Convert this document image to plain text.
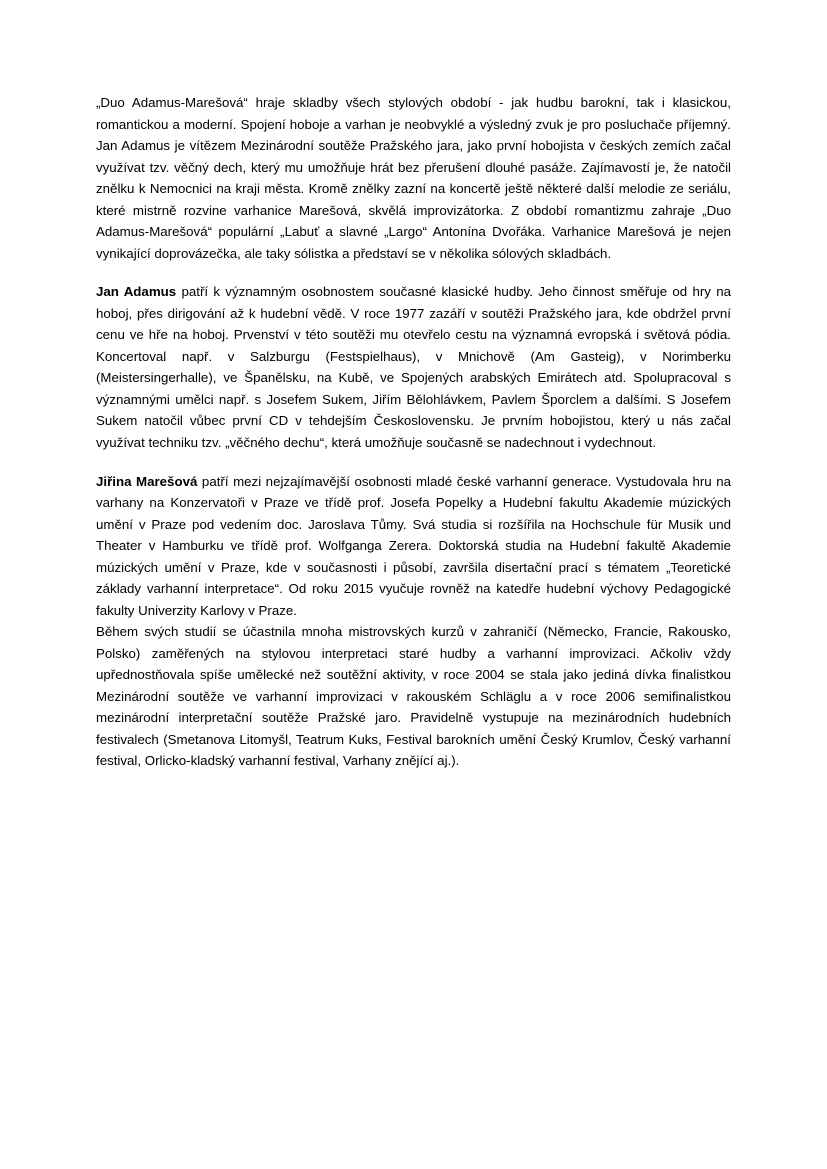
„Duo Adamus-Marešová“ hraje skladby všech stylových období - jak hudbu barokní, tak i klasickou, romantickou a moderní. Spojení hoboje a varhan je neobvyklé a výsledný zvuk je pro posluchače příjemný. Jan Adamus je vítězem Mezinárodní soutěže Pražského jara, jako první hobojista v českých zemích začal využívat tzv. věčný dech, který mu umožňuje hrát bez přerušení dlouhé pasáže. Zajímavostí je, že natočil znělku k Nemocnici na kraji města. Kromě znělky zazní na koncertě ještě některé další melodie ze seriálu, které mistrně rozvine varhanice Marešová, skvělá improvizátorka. Z období romantizmu zahraje „Duo Adamus-Marešová“ populární „Labuť a slavné „Largo“ Antonína Dvořáka. Varhanice Marešová je nejen vynikající doprovázečka, ale taky sólistka a představí se v několika sólových skladbách.

Jan Adamus patří k významným osobnostem současné klasické hudby. Jeho činnost směřuje od hry na hoboj, přes dirigování až k hudební vědě. V roce 1977 zazáří v soutěži Pražského jara, kde obdržel první cenu ve hře na hoboj. Prvenství v této soutěži mu otevřelo cestu na významná evropská i světová pódia. Koncertoval např. v Salzburgu (Festspielhaus), v Mnichově (Am Gasteig), v Norimberku (Meistersingerhalle), ve Španělsku, na Kubě, ve Spojených arabských Emirátech atd. Spolupracoval s významnými umělci např. s Josefem Sukem, Jiřím Bělohlávkem, Pavlem Šporclem a dalšími. S Josefem Sukem natočil vůbec první CD v tehdejším Československu. Je prvním hobojistou, který u nás začal využívat techniku tzv. „věčného dechu“, která umožňuje současně se nadechnout i vydechnout.

Jiřina Marešová patří mezi nejzajímavější osobnosti mladé české varhanní generace. Vystudovala hru na varhany na Konzervatoři v Praze ve třídě prof. Josefa Popelky a Hudební fakultu Akademie múzických umění v Praze pod vedením doc. Jaroslava Tůmy. Svá studia si rozšířila na Hochschule für Musik und Theater v Hamburku ve třídě prof. Wolfganga Zerera. Doktorská studia na Hudební fakultě Akademie múzických umění v Praze, kde v současnosti i působí, završila disertační prací s tématem „Teoretické základy varhanní interpretace“. Od roku 2015 vyučuje rovněž na katedře hudební výchovy Pedagogické fakulty Univerzity Karlovy v Praze.

Během svých studií se účastnila mnoha mistrovských kurzů v zahraničí (Německo, Francie, Rakousko, Polsko) zaměřených na stylovou interpretaci staré hudby a varhanní improvizaci. Ačkoliv vždy upřednostňovala spíše umělecké než soutěžní aktivity, v roce 2004 se stala jako jediná dívka finalistkou Mezinárodní soutěže ve varhanní improvizaci v rakouském Schläglu a v roce 2006 semifinalistkou mezinárodní interpretační soutěže Pražské jaro. Pravidelně vystupuje na mezinárodních hudebních festivalech (Smetanova Litomyšl, Teatrum Kuks, Festival barokních umění Český Krumlov, Český varhanní festival, Orlicko-kladský varhanní festival, Varhany znějící aj.).
